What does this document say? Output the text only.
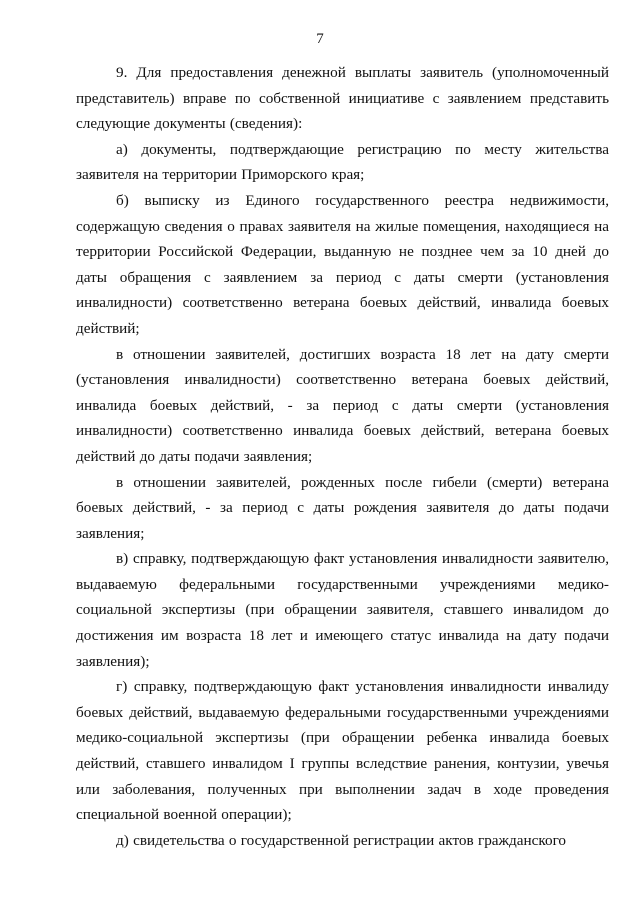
7

9. Для предоставления денежной выплаты заявитель (уполномоченный представитель) вправе по собственной инициативе с заявлением представить следующие документы (сведения):

а) документы, подтверждающие регистрацию по месту жительства заявителя на территории Приморского края;

б) выписку из Единого государственного реестра недвижимости, содержащую сведения о правах заявителя на жилые помещения, находящиеся на территории Российской Федерации, выданную не позднее чем за 10 дней до даты обращения с заявлением за период с даты смерти (установления инвалидности) соответственно ветерана боевых действий, инвалида боевых действий;

в отношении заявителей, достигших возраста 18 лет на дату смерти (установления инвалидности) соответственно ветерана боевых действий, инвалида боевых действий, - за период с даты смерти (установления инвалидности) соответственно инвалида боевых действий, ветерана боевых действий до даты подачи заявления;

в отношении заявителей, рожденных после гибели (смерти) ветерана боевых действий, - за период с даты рождения заявителя до даты подачи заявления;

в) справку, подтверждающую факт установления инвалидности заявителю, выдаваемую федеральными государственными учреждениями медико-социальной экспертизы (при обращении заявителя, ставшего инвалидом до достижения им возраста 18 лет и имеющего статус инвалида на дату подачи заявления);

г) справку, подтверждающую факт установления инвалидности инвалиду боевых действий, выдаваемую федеральными государственными учреждениями медико-социальной экспертизы (при обращении ребенка инвалида боевых действий, ставшего инвалидом I группы вследствие ранения, контузии, увечья или заболевания, полученных при выполнении задач в ходе проведения специальной военной операции);

д) свидетельства о государственной регистрации актов гражданского
